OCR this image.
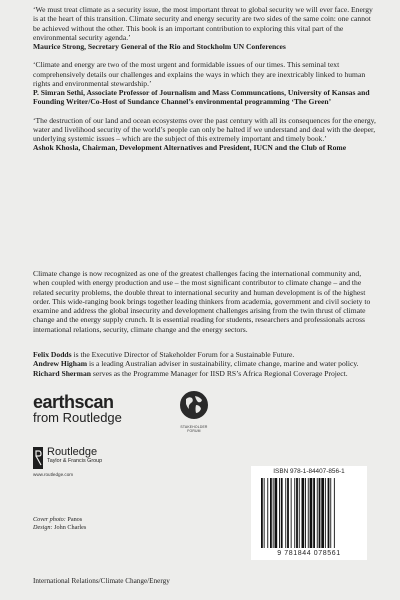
‘We must treat climate as a security issue, the most important threat to global security we will ever face. Energy is at the heart of this transition. Climate security and energy security are two sides of the same coin: one cannot be achieved without the other. This book is an important contribution to exploring this vital part of the environmental security agenda.’

Maurice Strong, Secretary General of the Rio and Stockholm UN Conferences

‘Climate and energy are two of the most urgent and formidable issues of our times. This seminal text comprehensively details our challenges and explains the ways in which they are inextricably linked to human rights and environmental stewardship.’

P. Simran Sethi, Associate Professor of Journalism and Mass Communcations, University of Kansas and Founding Writer/Co-Host of Sundance Channel’s environmental programming ‘The Green’

‘The destruction of our land and ocean ecosystems over the past century with all its consequences for the energy, water and livelihood security of the world’s people can only be halted if we understand and deal with the deeper, underlying systemic issues – which are the subject of this extremely important and timely book.’

Ashok Khosla, Chairman, Development Alternatives and President, IUCN and the Club of Rome

Climate change is now recognized as one of the greatest challenges facing the international community and, when coupled with energy production and use – the most significant contributor to climate change – and the related security problems, the double threat to international security and human development is of the highest order. This wide-ranging book brings together leading thinkers from academia, government and civil society to examine and address the global insecurity and development challenges arising from the twin thrust of climate change and the energy supply crunch. It is essential reading for students, researchers and professionals across international relations, security, climate change and the energy sectors.

Felix Dodds is the Executive Director of Stakeholder Forum for a Sustainable Future.
Andrew Higham is a leading Australian adviser in sustainability, climate change, marine and water policy. Richard Sherman serves as the Programme Manager for IISD RS’s Africa Regional Coverage Project.

earthscan
from Routledge
STAKEHOLDER FORUM
Routledge
Taylor & Francis Group
www.routledge.com
Cover photo: Panos
Design: John Charles
International Relations/Climate Change/Energy
ISBN 978-1-84407-856-1
9 781844 078561
